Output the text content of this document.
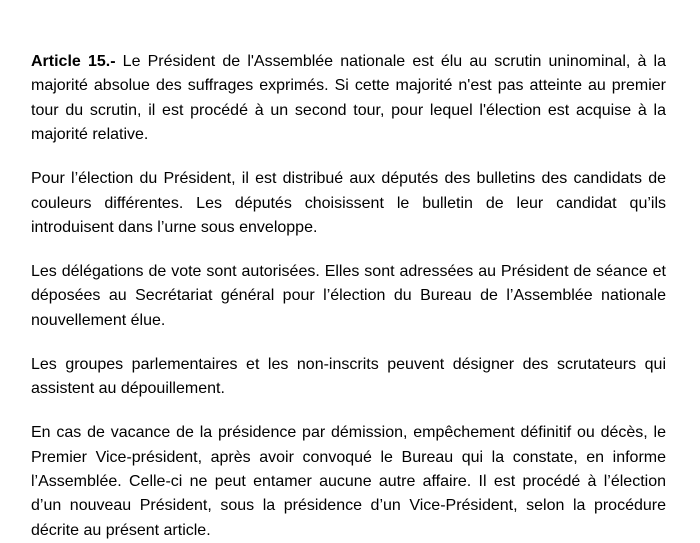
Article 15.- Le Président de l'Assemblée nationale est élu au scrutin uninominal, à la majorité absolue des suffrages exprimés. Si cette majorité n'est pas atteinte au premier tour du scrutin, il est procédé à un second tour, pour lequel l'élection est acquise à la majorité relative.

Pour l’élection du Président, il est distribué aux députés des bulletins des candidats de couleurs différentes. Les députés choisissent le bulletin de leur candidat qu’ils introduisent dans l’urne sous enveloppe.

Les délégations de vote sont autorisées. Elles sont adressées au Président de séance et déposées au Secrétariat général pour l’élection du Bureau de l’Assemblée nationale nouvellement élue.

Les groupes parlementaires et les non-inscrits peuvent désigner des scrutateurs qui assistent au dépouillement.

En cas de vacance de la présidence par démission, empêchement définitif ou décès, le Premier Vice-président, après avoir convoqué le Bureau qui la constate, en informe l’Assemblée. Celle-ci ne peut entamer aucune autre affaire. Il est procédé à l’élection d’un nouveau Président, sous la présidence d’un Vice-Président, selon la procédure décrite au présent article.
